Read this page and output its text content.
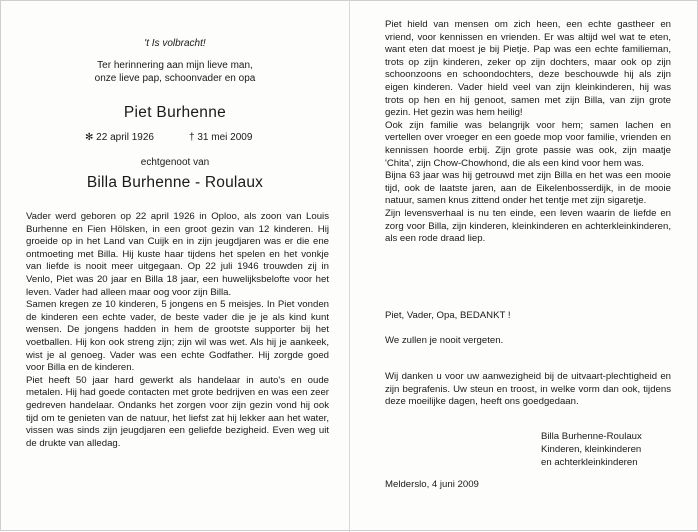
't Is volbracht!
Ter herinnering aan mijn lieve man,
onze lieve pap, schoonvader en opa
Piet Burhenne
✻ 22 april 1926	† 31 mei 2009
echtgenoot van
Billa Burhenne - Roulaux

Vader werd geboren op 22 april 1926 in Oploo, als zoon van Louis Burhenne en Fien Hölsken, in een groot gezin van 12 kinderen. Hij groeide op in het Land van Cuijk en in zijn jeugdjaren was er die ene ontmoeting met Billa. Hij kuste haar tijdens het spelen en het vonkje van liefde is nooit meer uitgegaan. Op 22 juli 1946 trouwden zij in Venlo, Piet was 20 jaar en Billa 18 jaar, een huwelijksbelofte voor het leven. Vader had alleen maar oog voor zijn Billa.

Samen kregen ze 10 kinderen, 5 jongens en 5 meisjes. In Piet vonden de kinderen een echte vader, de beste vader die je je als kind kunt wensen. De jongens hadden in hem de grootste supporter bij het voetballen. Hij kon ook streng zijn; zijn wil was wet. Als hij je aankeek, wist je al genoeg. Vader was een echte Godfather. Hij zorgde goed voor Billa en de kinderen.

Piet heeft 50 jaar hard gewerkt als handelaar in auto's en oude metalen. Hij had goede contacten met grote bedrijven en was een zeer gedreven handelaar. Ondanks het zorgen voor zijn gezin vond hij ook tijd om te genieten van de natuur, het liefst zat hij lekker aan het water, vissen was sinds zijn jeugdjaren een geliefde bezigheid. Even weg uit de drukte van alledag.

Piet hield van mensen om zich heen, een echte gastheer en vriend, voor kennissen en vrienden. Er was altijd wel wat te eten, want eten dat moest je bij Pietje. Pap was een echte familieman, trots op zijn kinderen, zeker op zijn dochters, maar ook op zijn schoonzoons en schoondochters, deze beschouwde hij als zijn eigen kinderen. Vader hield veel van zijn kleinkinderen, hij was trots op hen en hij genoot, samen met zijn Billa, van zijn grote gezin. Het gezin was hem heilig!

Ook zijn familie was belangrijk voor hem; samen lachen en vertellen over vroeger en een goede mop voor familie, vrienden en kennissen hoorde erbij. Zijn grote passie was ook, zijn maatje 'Chita', zijn Chow-Chowhond, die als een kind voor hem was.

Bijna 63 jaar was hij getrouwd met zijn Billa en het was een mooie tijd, ook de laatste jaren, aan de Eikelenbosserdijk, in de mooie natuur, samen knus zittend onder het tentje met zijn sigaretje.

Zijn levensverhaal is nu ten einde, een leven waarin de liefde en zorg voor Billa, zijn kinderen, kleinkinderen en achterkleinkinderen, als een rode draad liep.

Piet, Vader, Opa, BEDANKT !
We zullen je nooit vergeten.

Wij danken u voor uw aanwezigheid bij de uitvaart-plechtigheid en zijn begrafenis. Uw steun en troost, in welke vorm dan ook, tijdens deze moeilijke dagen, heeft ons goedgedaan.

Billa Burhenne-Roulaux
Kinderen, kleinkinderen
en achterkleinkinderen
Melderslo, 4 juni 2009
